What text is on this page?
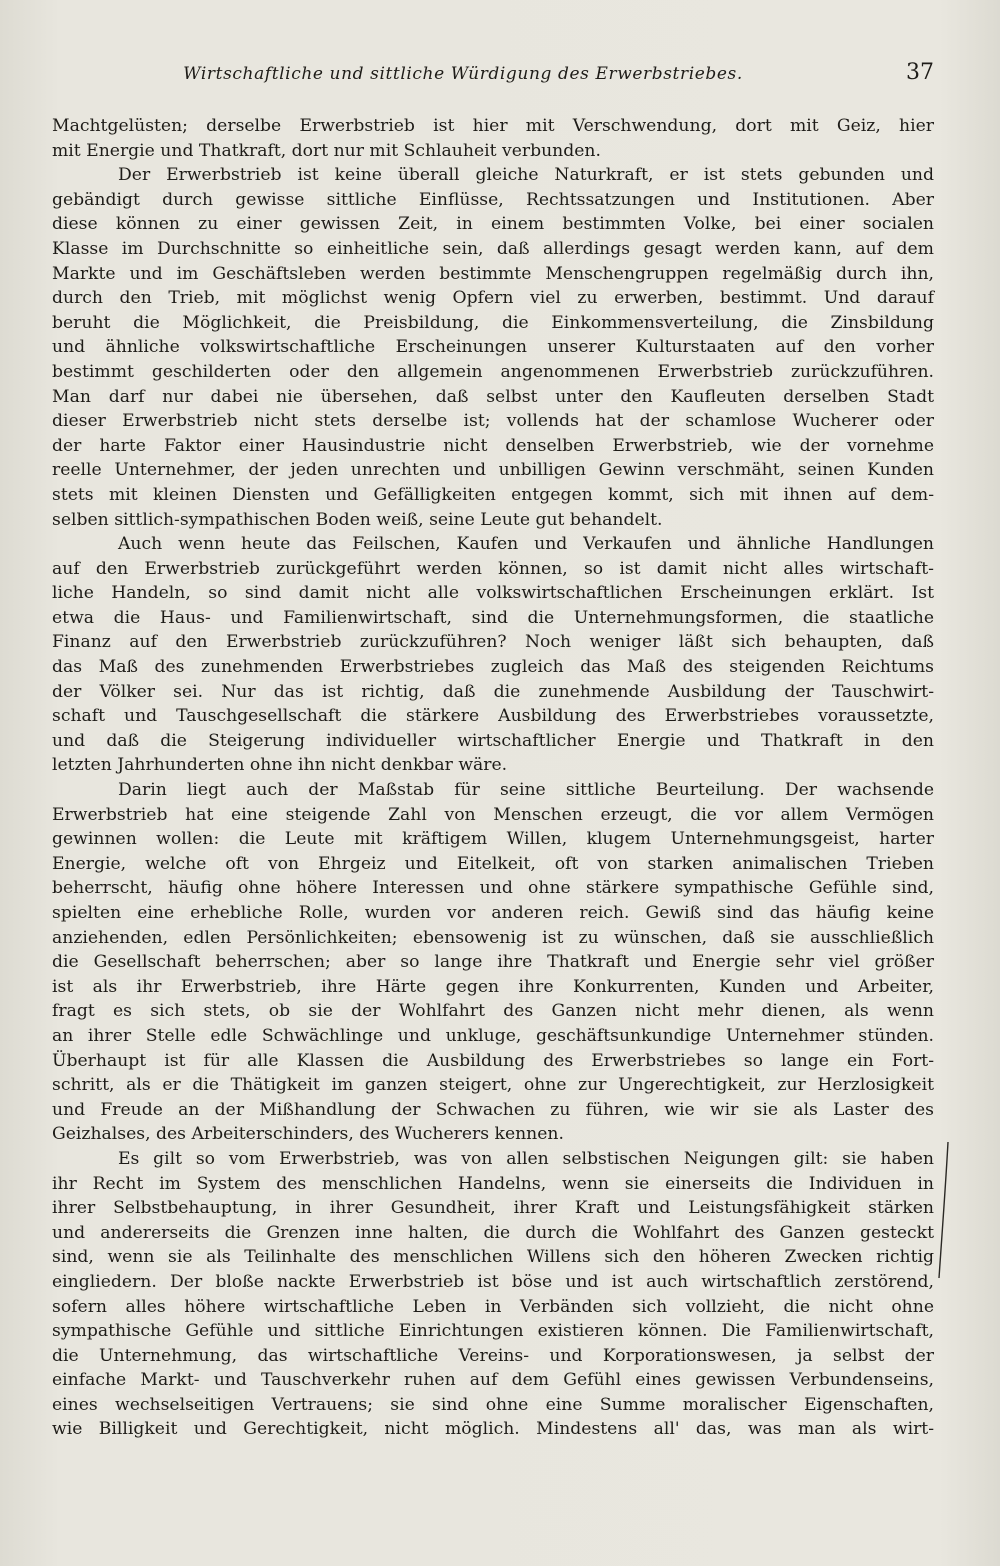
Wirtschaftliche und sittliche Würdigung des Erwerbstriebes.	37
Machtgelüsten; derselbe Erwerbstrieb ist hier mit Verschwendung, dort mit Geiz, hier
mit Energie und Thatkraft, dort nur mit Schlauheit verbunden.
Der Erwerbstrieb ist keine überall gleiche Naturkraft, er ist stets gebunden und
gebändigt durch gewisse sittliche Einflüsse, Rechtssatzungen und Institutionen. Aber
diese können zu einer gewissen Zeit, in einem bestimmten Volke, bei einer socialen
Klasse im Durchschnitte so einheitliche sein, daß allerdings gesagt werden kann, auf dem
Markte und im Geschäftsleben werden bestimmte Menschengruppen regelmäßig durch ihn,
durch den Trieb, mit möglichst wenig Opfern viel zu erwerben, bestimmt. Und darauf
beruht die Möglichkeit, die Preisbildung, die Einkommensverteilung, die Zinsbildung
und ähnliche volkswirtschaftliche Erscheinungen unserer Kulturstaaten auf den vorher
bestimmt geschilderten oder den allgemein angenommenen Erwerbstrieb zurückzuführen.
Man darf nur dabei nie übersehen, daß selbst unter den Kaufleuten derselben Stadt
dieser Erwerbstrieb nicht stets derselbe ist; vollends hat der schamlose Wucherer oder
der harte Faktor einer Hausindustrie nicht denselben Erwerbstrieb, wie der vornehme
reelle Unternehmer, der jeden unrechten und unbilligen Gewinn verschmäht, seinen Kunden
stets mit kleinen Diensten und Gefälligkeiten entgegen kommt, sich mit ihnen auf dem-
selben sittlich-sympathischen Boden weiß, seine Leute gut behandelt.
Auch wenn heute das Feilschen, Kaufen und Verkaufen und ähnliche Handlungen
auf den Erwerbstrieb zurückgeführt werden können, so ist damit nicht alles wirtschaft-
liche Handeln, so sind damit nicht alle volkswirtschaftlichen Erscheinungen erklärt. Ist
etwa die Haus- und Familienwirtschaft, sind die Unternehmungsformen, die staatliche
Finanz auf den Erwerbstrieb zurückzuführen? Noch weniger läßt sich behaupten, daß
das Maß des zunehmenden Erwerbstriebes zugleich das Maß des steigenden Reichtums
der Völker sei. Nur das ist richtig, daß die zunehmende Ausbildung der Tauschwirt-
schaft und Tauschgesellschaft die stärkere Ausbildung des Erwerbstriebes voraussetzte,
und daß die Steigerung individueller wirtschaftlicher Energie und Thatkraft in den
letzten Jahrhunderten ohne ihn nicht denkbar wäre.
Darin liegt auch der Maßstab für seine sittliche Beurteilung. Der wachsende
Erwerbstrieb hat eine steigende Zahl von Menschen erzeugt, die vor allem Vermögen
gewinnen wollen: die Leute mit kräftigem Willen, klugem Unternehmungsgeist, harter
Energie, welche oft von Ehrgeiz und Eitelkeit, oft von starken animalischen Trieben
beherrscht, häufig ohne höhere Interessen und ohne stärkere sympathische Gefühle sind,
spielten eine erhebliche Rolle, wurden vor anderen reich. Gewiß sind das häufig keine
anziehenden, edlen Persönlichkeiten; ebensowenig ist zu wünschen, daß sie ausschließlich
die Gesellschaft beherrschen; aber so lange ihre Thatkraft und Energie sehr viel größer
ist als ihr Erwerbstrieb, ihre Härte gegen ihre Konkurrenten, Kunden und Arbeiter,
fragt es sich stets, ob sie der Wohlfahrt des Ganzen nicht mehr dienen, als wenn
an ihrer Stelle edle Schwächlinge und unkluge, geschäftsunkundige Unternehmer stünden.
Überhaupt ist für alle Klassen die Ausbildung des Erwerbstriebes so lange ein Fort-
schritt, als er die Thätigkeit im ganzen steigert, ohne zur Ungerechtigkeit, zur Herzlosigkeit
und Freude an der Mißhandlung der Schwachen zu führen, wie wir sie als Laster des
Geizhalses, des Arbeiterschinders, des Wucherers kennen.
Es gilt so vom Erwerbstrieb, was von allen selbstischen Neigungen gilt: sie haben
ihr Recht im System des menschlichen Handelns, wenn sie einerseits die Individuen in
ihrer Selbstbehauptung, in ihrer Gesundheit, ihrer Kraft und Leistungsfähigkeit stärken
und andererseits die Grenzen inne halten, die durch die Wohlfahrt des Ganzen gesteckt
sind, wenn sie als Teilinhalte des menschlichen Willens sich den höheren Zwecken richtig
eingliedern. Der bloße nackte Erwerbstrieb ist böse und ist auch wirtschaftlich zerstörend,
sofern alles höhere wirtschaftliche Leben in Verbänden sich vollzieht, die nicht ohne
sympathische Gefühle und sittliche Einrichtungen existieren können. Die Familienwirtschaft,
die Unternehmung, das wirtschaftliche Vereins- und Korporationswesen, ja selbst der
einfache Markt- und Tauschverkehr ruhen auf dem Gefühl eines gewissen Verbundenseins,
eines wechselseitigen Vertrauens; sie sind ohne eine Summe moralischer Eigenschaften,
wie Billigkeit und Gerechtigkeit, nicht möglich. Mindestens all' das, was man als wirt-
